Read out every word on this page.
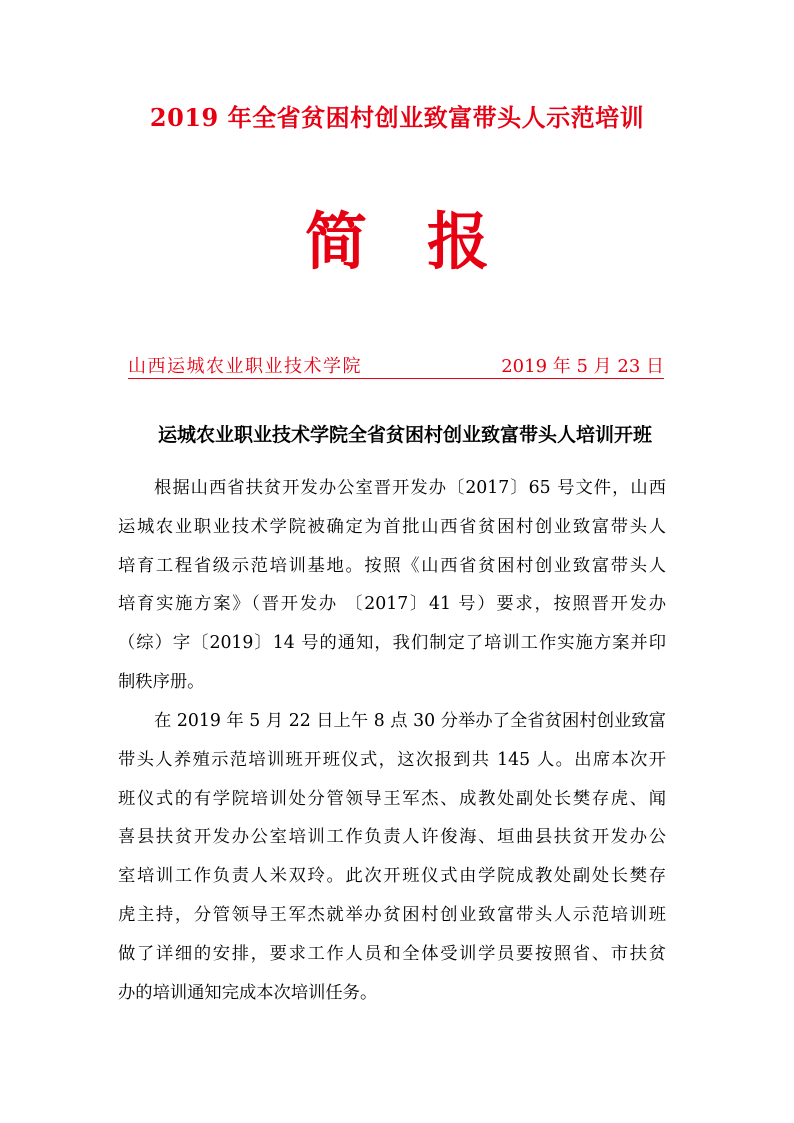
2019 年全省贫困村创业致富带头人示范培训
简 报
山西运城农业职业技术学院	2019 年 5 月 23 日
运城农业职业技术学院全省贫困村创业致富带头人培训开班

根据山西省扶贫开发办公室晋开发办〔2017〕65 号文件，山西
运城农业职业技术学院被确定为首批山西省贫困村创业致富带头人
培育工程省级示范培训基地。按照《山西省贫困村创业致富带头人
培育实施方案》（晋开发办 〔2017〕41 号）要求，按照晋开发办
（综）字〔2019〕14 号的通知，我们制定了培训工作实施方案并印
制秩序册。

在 2019 年 5 月 22 日上午 8 点 30 分举办了全省贫困村创业致富
带头人养殖示范培训班开班仪式，这次报到共 145 人。出席本次开
班仪式的有学院培训处分管领导王军杰、成教处副处长樊存虎、闻
喜县扶贫开发办公室培训工作负责人许俊海、垣曲县扶贫开发办公
室培训工作负责人米双玲。此次开班仪式由学院成教处副处长樊存
虎主持，分管领导王军杰就举办贫困村创业致富带头人示范培训班
做了详细的安排，要求工作人员和全体受训学员要按照省、市扶贫
办的培训通知完成本次培训任务。
